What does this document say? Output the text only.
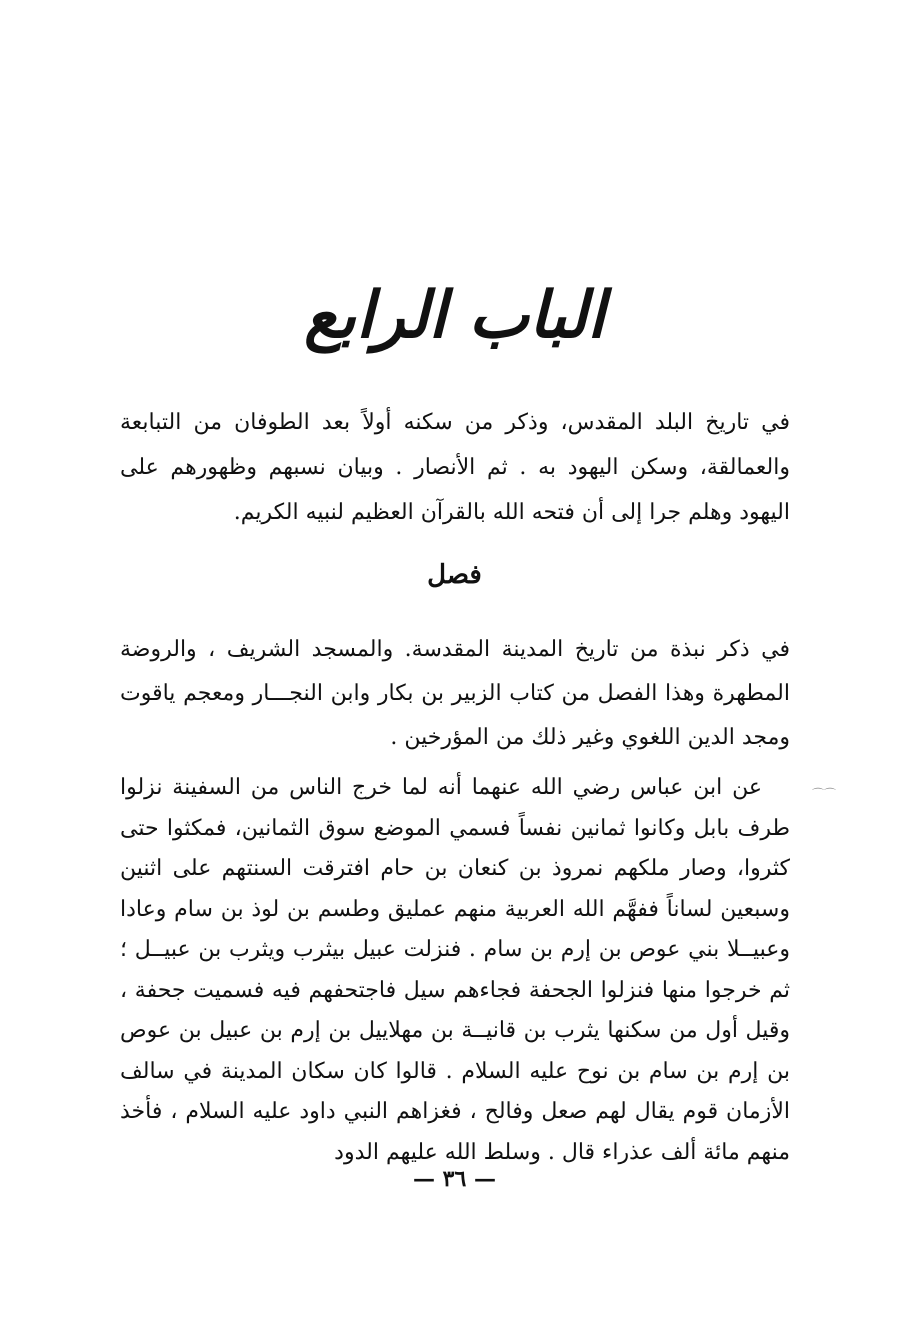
الباب الرابع

في تاريخ البلد المقدس، وذكر من سكنه أولاً بعد الطوفان من التبابعة والعمالقة، وسكن اليهود به . ثم الأنصار . وبيان نسبهم وظهورهم على اليهود وهلم جرا إلى أن فتحه الله بالقرآن العظيم لنبيه الكريم.

فصل

في ذكر نبذة من تاريخ المدينة المقدسة. والمسجد الشريف ، والروضة المطهرة وهذا الفصل من كتاب الزبير بن بكار وابن النجـــار ومعجم ياقوت ومجد الدين اللغوي وغير ذلك من المؤرخين .

⌒⌒

عن ابن عباس رضي الله عنهما أنه لما خرج الناس من السفينة نزلوا طرف بابل وكانوا ثمانين نفساً فسمي الموضع سوق الثمانين، فمكثوا حتى كثروا، وصار ملكهم نمروذ بن كنعان بن حام افترقت السنتهم على اثنين وسبعين لساناً ففهَّم الله العربية منهم عمليق وطسم بن لوذ بن سام وعادا وعبيــلا بني عوص بن إرم بن سام . فنزلت عبيل بيثرب ويثرب بن عبيــل ؛ ثم خرجوا منها فنزلوا الجحفة فجاءهم سيل فاجتحفهم فيه فسميت جحفة ، وقيل أول من سكنها يثرب بن قانيــة بن مهلاييل بن إرم بن عبيل بن عوص بن إرم بن سام بن نوح عليه السلام . قالوا كان سكان المدينة في سالف الأزمان قوم يقال لهم صعل وفالح ، فغزاهم النبي داود عليه السلام ، فأخذ منهم مائة ألف عذراء قال . وسلط الله عليهم الدود

— ٣٦ —
